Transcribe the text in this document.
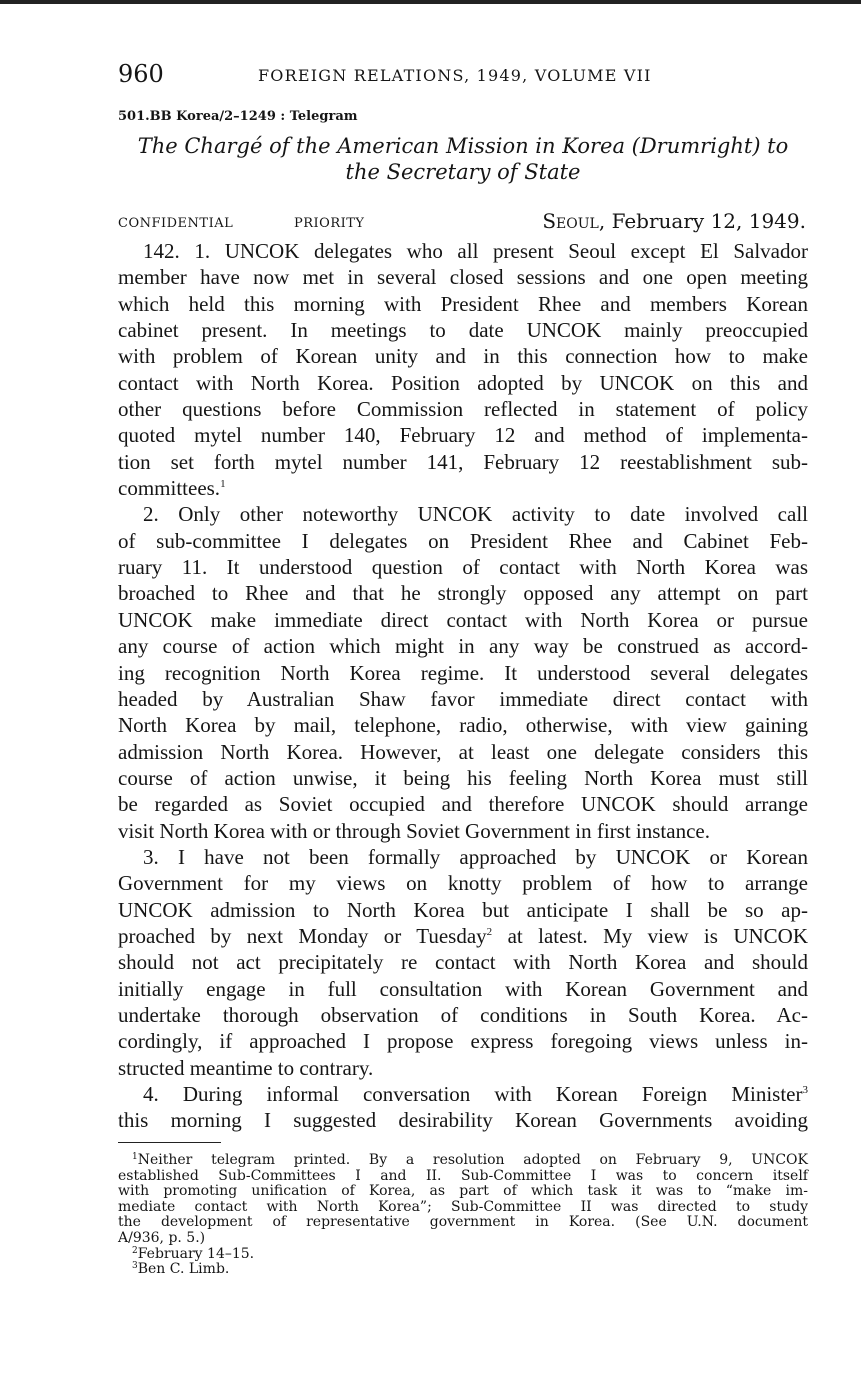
960	FOREIGN RELATIONS, 1949, VOLUME VII
501.BB Korea/2–1249 : Telegram
The Chargé of the American Mission in Korea (Drumright) to
the Secretary of State
CONFIDENTIAL	PRIORITY	Seoul, February 12, 1949.
142. 1. UNCOK delegates who all present Seoul except El Salvador
member have now met in several closed sessions and one open meeting
which held this morning with President Rhee and members Korean
cabinet present. In meetings to date UNCOK mainly preoccupied
with problem of Korean unity and in this connection how to make
contact with North Korea. Position adopted by UNCOK on this and
other questions before Commission reflected in statement of policy
quoted mytel number 140, February 12 and method of implementa-
tion set forth mytel number 141, February 12 reestablishment sub-
committees.$^1$
2. Only other noteworthy UNCOK activity to date involved call
of sub-committee I delegates on President Rhee and Cabinet Feb-
ruary 11. It understood question of contact with North Korea was
broached to Rhee and that he strongly opposed any attempt on part
UNCOK make immediate direct contact with North Korea or pursue
any course of action which might in any way be construed as accord-
ing recognition North Korea regime. It understood several delegates
headed by Australian Shaw favor immediate direct contact with
North Korea by mail, telephone, radio, otherwise, with view gaining
admission North Korea. However, at least one delegate considers this
course of action unwise, it being his feeling North Korea must still
be regarded as Soviet occupied and therefore UNCOK should arrange
visit North Korea with or through Soviet Government in first instance.
3. I have not been formally approached by UNCOK or Korean
Government for my views on knotty problem of how to arrange
UNCOK admission to North Korea but anticipate I shall be so ap-
proached by next Monday or Tuesday$^2$ at latest. My view is UNCOK
should not act precipitately re contact with North Korea and should
initially engage in full consultation with Korean Government and
undertake thorough observation of conditions in South Korea. Ac-
cordingly, if approached I propose express foregoing views unless in-
structed meantime to contrary.
4. During informal conversation with Korean Foreign Minister$^3$
this morning I suggested desirability Korean Governments avoiding
$^1$Neither telegram printed. By a resolution adopted on February 9, UNCOK
established Sub-Committees I and II. Sub-Committee I was to concern itself
with promoting unification of Korea, as part of which task it was to “make im-
mediate contact with North Korea”; Sub-Committee II was directed to study
the development of representative government in Korea. (See U.N. document
A/936, p. 5.)
$^2$February 14–15.
$^3$Ben C. Limb.
